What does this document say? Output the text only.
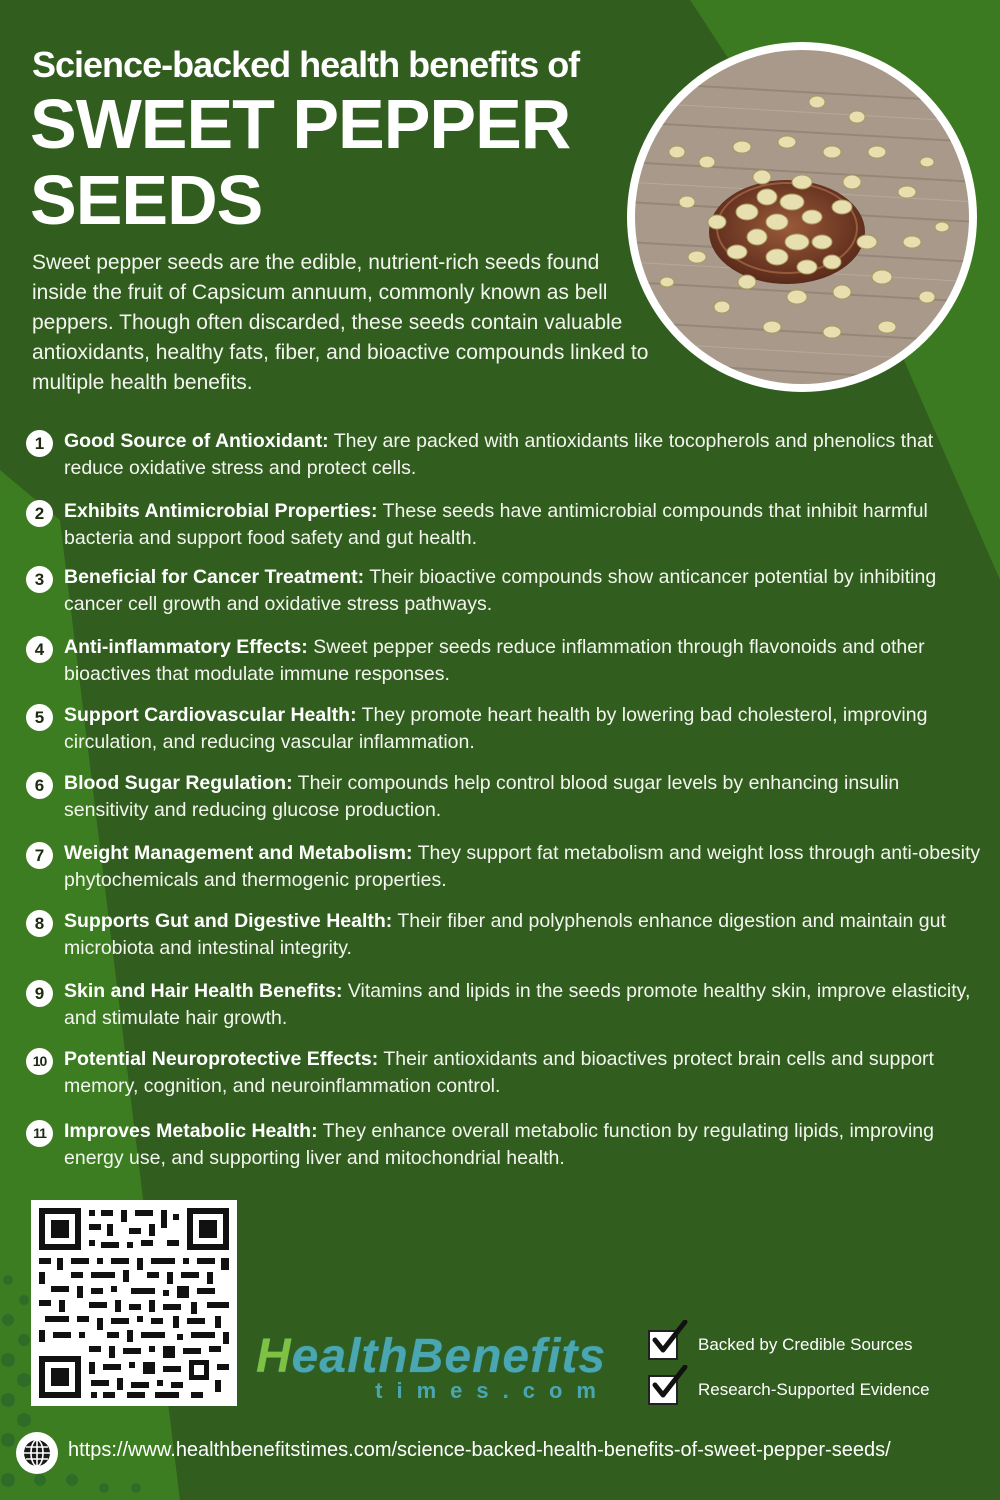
Science-backed health benefits of
SWEET PEPPER
SEEDS
Sweet pepper seeds are the edible, nutrient-rich seeds found inside the fruit of Capsicum annuum, commonly known as bell peppers. Though often discarded, these seeds contain valuable antioxidants, healthy fats, fiber, and bioactive compounds linked to multiple health benefits.
1	Good Source of Antioxidant: They are packed with antioxidants like tocopherols and phenolics that reduce oxidative stress and protect cells.
2	Exhibits Antimicrobial Properties: These seeds have antimicrobial compounds that inhibit harmful bacteria and support food safety and gut health.
3	Beneficial for Cancer Treatment: Their bioactive compounds show anticancer potential by inhibiting cancer cell growth and oxidative stress pathways.
4	Anti-inflammatory Effects: Sweet pepper seeds reduce inflammation through flavonoids and other bioactives that modulate immune responses.
5	Support Cardiovascular Health: They promote heart health by lowering bad cholesterol, improving circulation, and reducing vascular inflammation.
6	Blood Sugar Regulation: Their compounds help control blood sugar levels by enhancing insulin sensitivity and reducing glucose production.
7	Weight Management and Metabolism: They support fat metabolism and weight loss through anti-obesity phytochemicals and thermogenic properties.
8	Supports Gut and Digestive Health: Their fiber and polyphenols enhance digestion and maintain gut microbiota and intestinal integrity.
9	Skin and Hair Health Benefits: Vitamins and lipids in the seeds promote healthy skin, improve elasticity, and stimulate hair growth.
10 Potential Neuroprotective Effects: Their antioxidants and bioactives protect brain cells and support memory, cognition, and neuroinflammation control.
11 Improves Metabolic Health: They enhance overall metabolic function by regulating lipids, improving energy use, and supporting liver and mitochondrial health.
HealthBenefits
times.com
Backed by Credible Sources
Research-Supported Evidence
https://www.healthbenefitstimes.com/science-backed-health-benefits-of-sweet-pepper-seeds/
